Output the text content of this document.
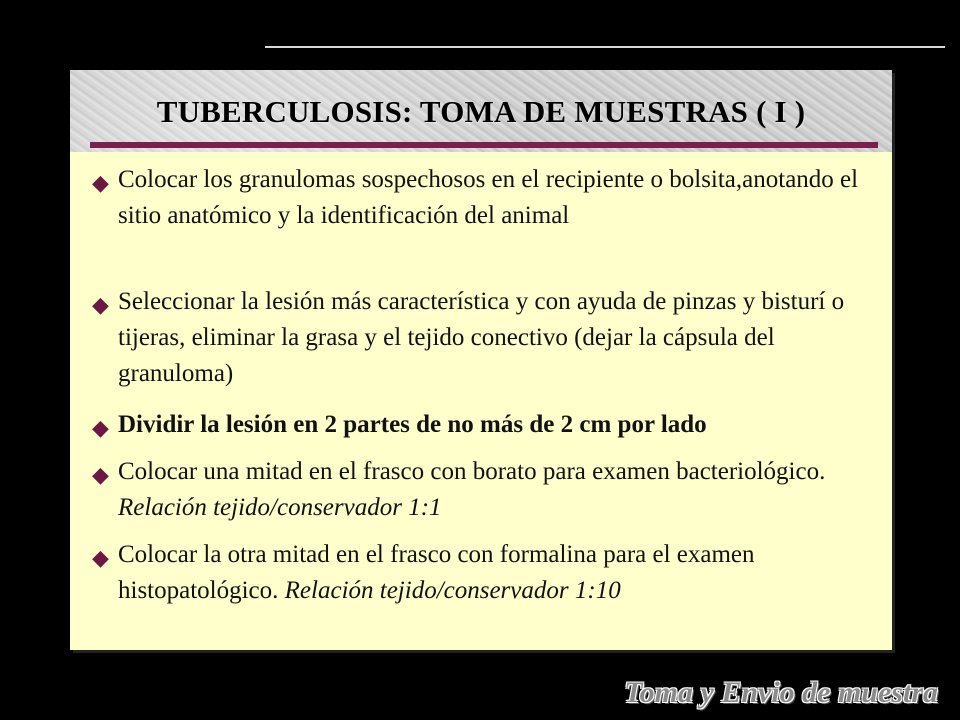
TUBERCULOSIS: TOMA DE MUESTRAS ( I )
◆ Colocar los granulomas sospechosos en el recipiente o bolsita,anotando el sitio anatómico y la identificación del animal
◆ Seleccionar la lesión más característica y con ayuda de pinzas y bisturí o tijeras, eliminar la grasa y el tejido conectivo (dejar la cápsula del granuloma)
◆ Dividir la lesión en 2 partes de no más de 2 cm por lado
◆ Colocar una mitad en el frasco con borato para examen bacteriológico. Relación tejido/conservador 1:1
◆ Colocar la otra mitad en el frasco con formalina para el examen histopatológico. Relación tejido/conservador 1:10
Toma y Envio de muestra
